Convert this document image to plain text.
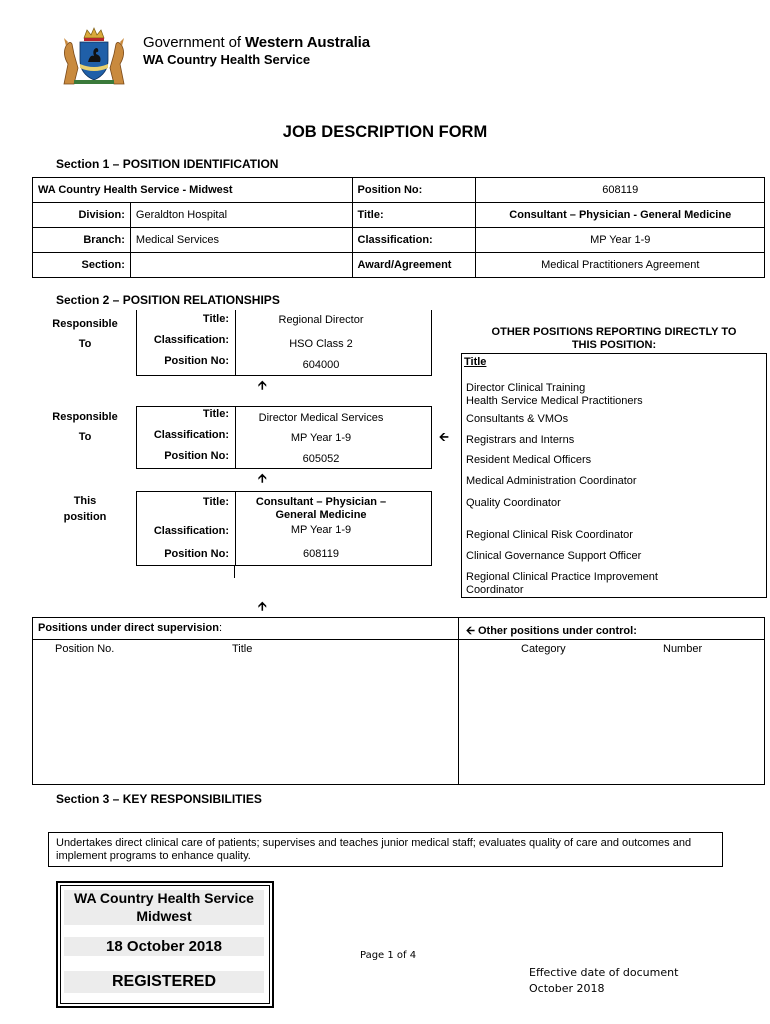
Government of Western Australia
WA Country Health Service
JOB DESCRIPTION FORM
Section 1 – POSITION IDENTIFICATION
WA Country Health Service - Midwest		Position No:	608119
Division:	Geraldton Hospital	Title:	Consultant – Physician - General Medicine
Branch:	Medical Services	Classification:	MP Year 1-9
Section:		Award/Agreement	Medical Practitioners Agreement
Section 2 – POSITION RELATIONSHIPS
Responsible
To
Title:	Regional Director
Classification:	HSO Class 2
Position No:	604000
🡩
Responsible
To
Title:	Director Medical Services
Classification:	MP Year 1-9
Position No:	605052
🡨
🡩
This
position
Title:	Consultant – Physician –
General Medicine
Classification:	MP Year 1-9
Position No:	608119
🡩
OTHER POSITIONS REPORTING DIRECTLY TO
THIS POSITION:
Title
Director Clinical Training
Health Service Medical Practitioners
Consultants & VMOs
Registrars and Interns
Resident Medical Officers
Medical Administration Coordinator
Quality Coordinator
Regional Clinical Risk Coordinator
Clinical Governance Support Officer
Regional Clinical Practice Improvement
Coordinator
Positions under direct supervision:
Position No.	Title
🡨 Other positions under control:
Category	Number
Section 3 – KEY RESPONSIBILITIES
Undertakes direct clinical care of patients; supervises and teaches junior medical staff; evaluates quality of care and outcomes and implement programs to enhance quality.
WA Country Health Service
Midwest
18 October 2018
REGISTERED
Page 1 of 4
Effective date of document
October 2018
